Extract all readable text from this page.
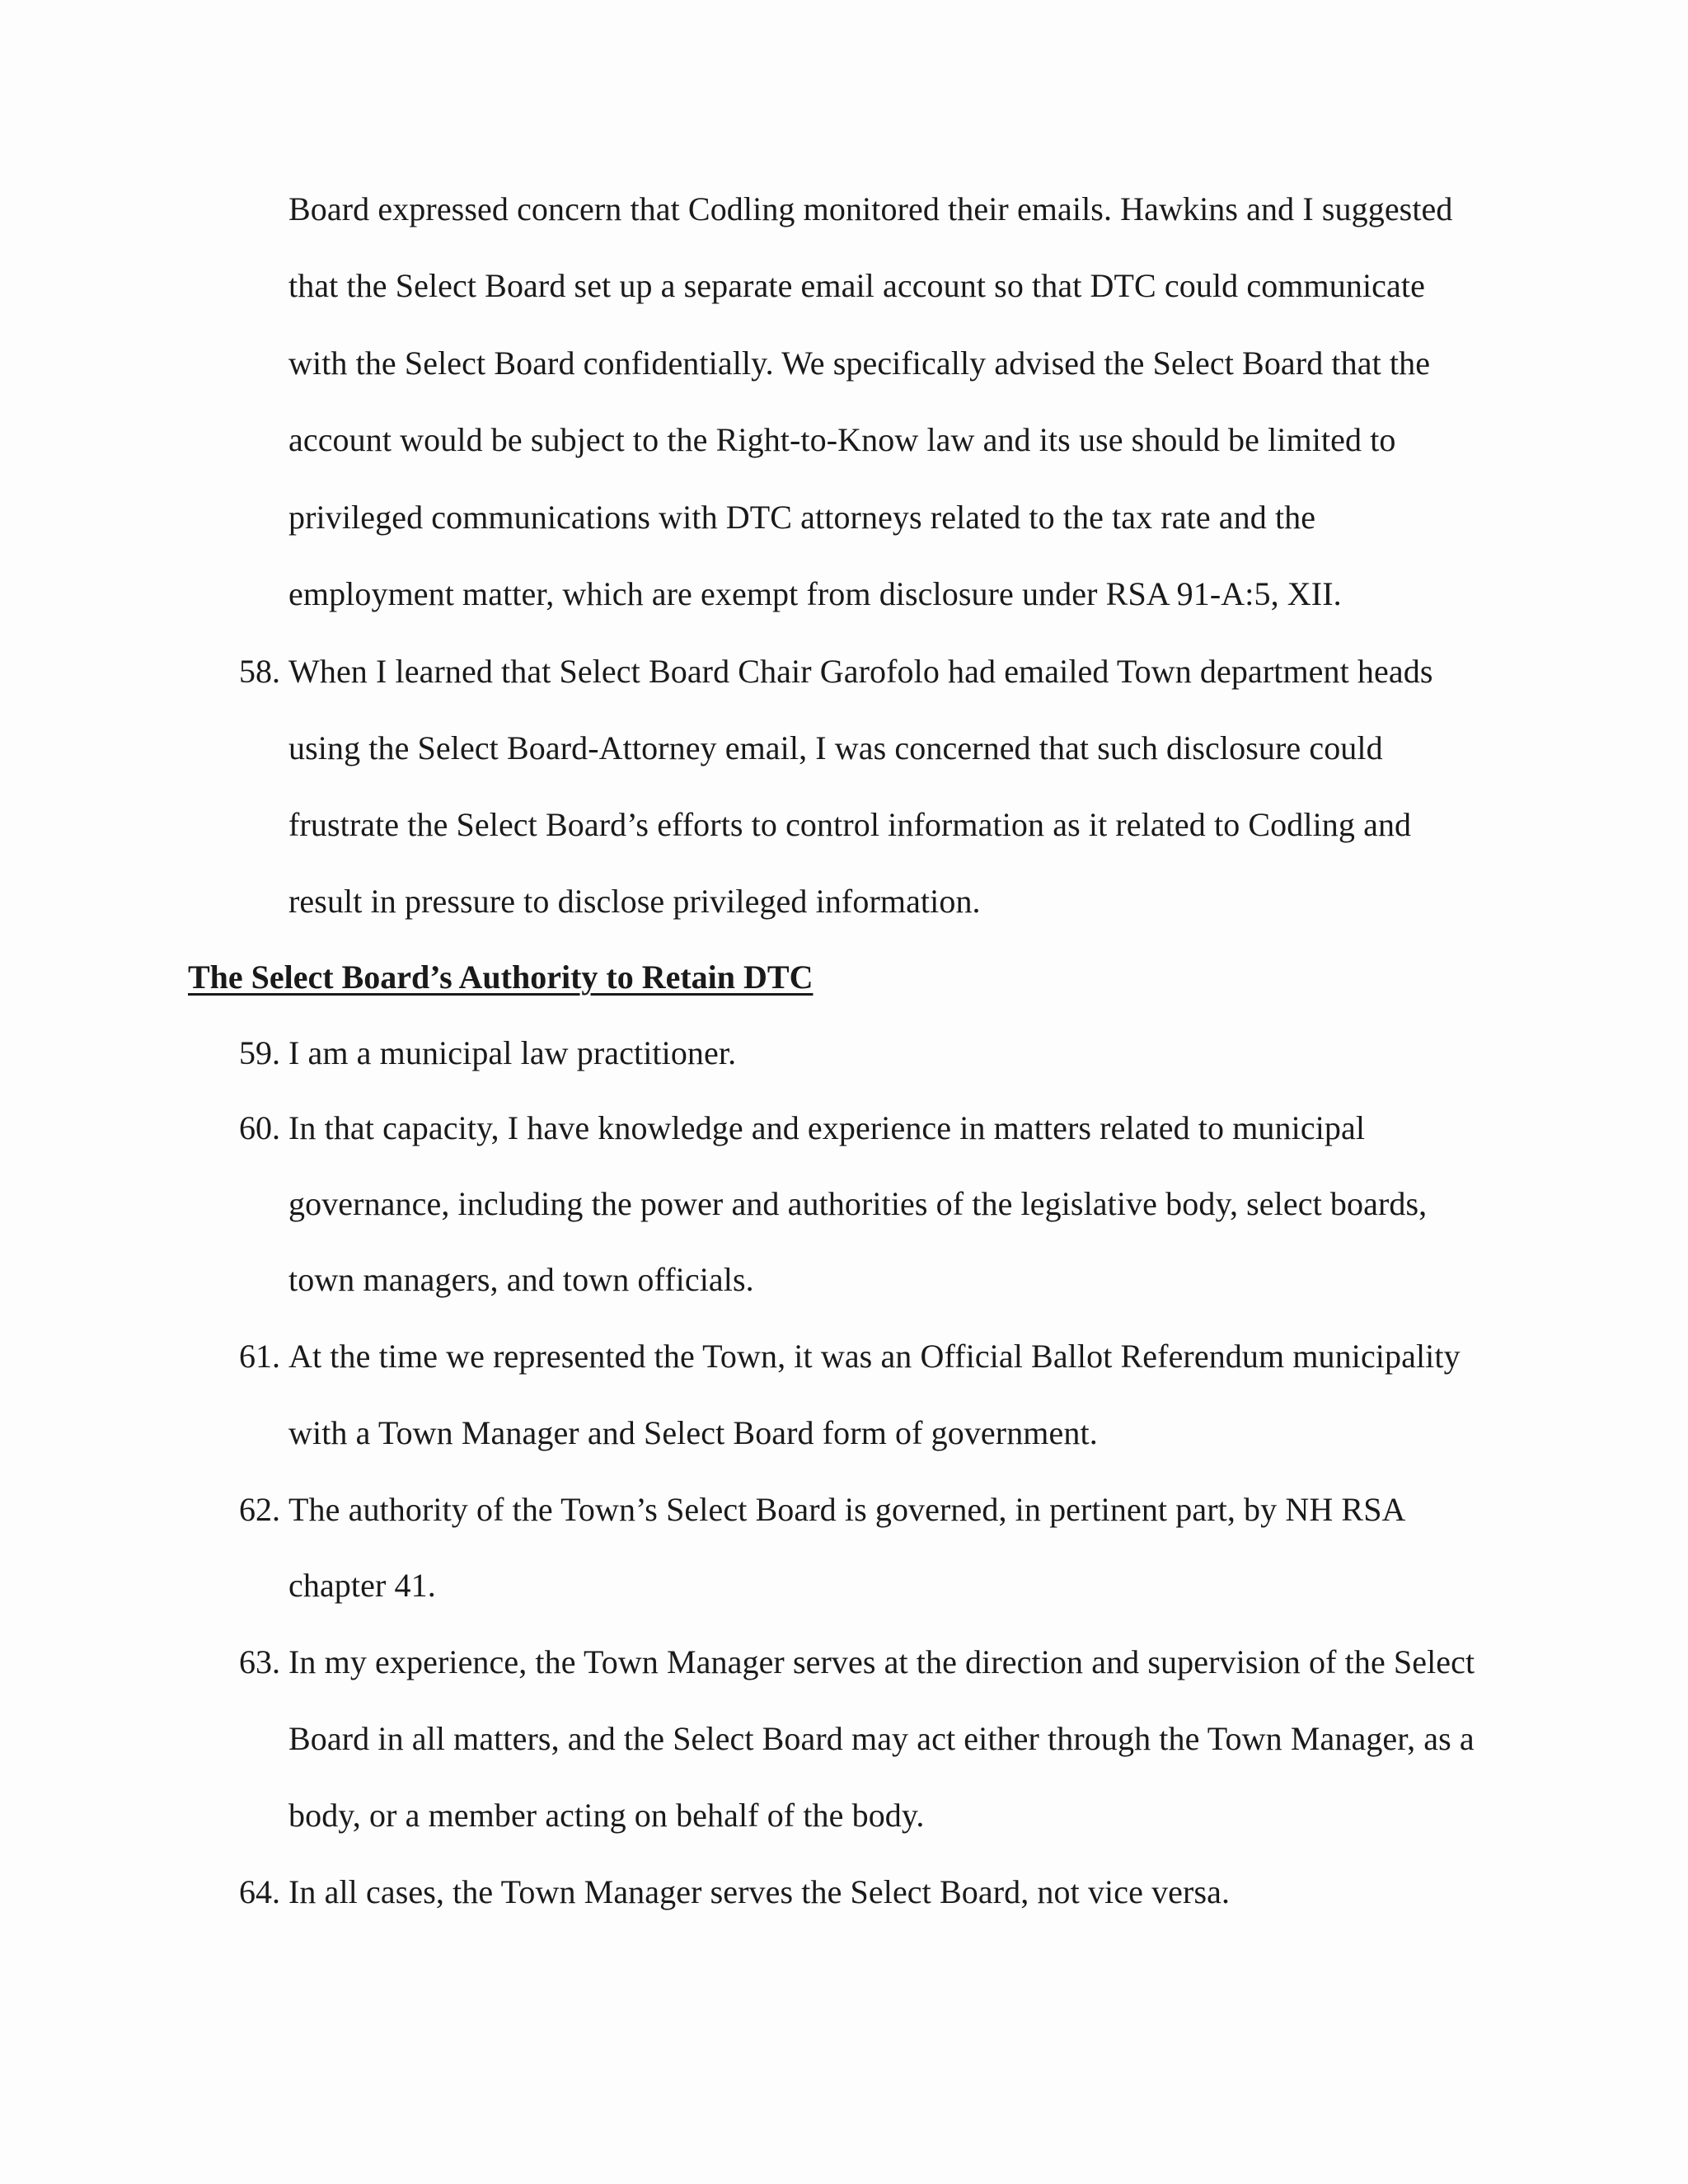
Board expressed concern that Codling monitored their emails. Hawkins and I suggested
that the Select Board set up a separate email account so that DTC could communicate
with the Select Board confidentially. We specifically advised the Select Board that the
account would be subject to the Right-to-Know law and its use should be limited to
privileged communications with DTC attorneys related to the tax rate and the
employment matter, which are exempt from disclosure under RSA 91-A:5, XII.
58. When I learned that Select Board Chair Garofolo had emailed Town department heads
using the Select Board-Attorney email, I was concerned that such disclosure could
frustrate the Select Board’s efforts to control information as it related to Codling and
result in pressure to disclose privileged information.
The Select Board’s Authority to Retain DTC
59. I am a municipal law practitioner.
60. In that capacity, I have knowledge and experience in matters related to municipal
governance, including the power and authorities of the legislative body, select boards,
town managers, and town officials.
61. At the time we represented the Town, it was an Official Ballot Referendum municipality
with a Town Manager and Select Board form of government.
62. The authority of the Town’s Select Board is governed, in pertinent part, by NH RSA
chapter 41.
63. In my experience, the Town Manager serves at the direction and supervision of the Select
Board in all matters, and the Select Board may act either through the Town Manager, as a
body, or a member acting on behalf of the body.
64. In all cases, the Town Manager serves the Select Board, not vice versa.
